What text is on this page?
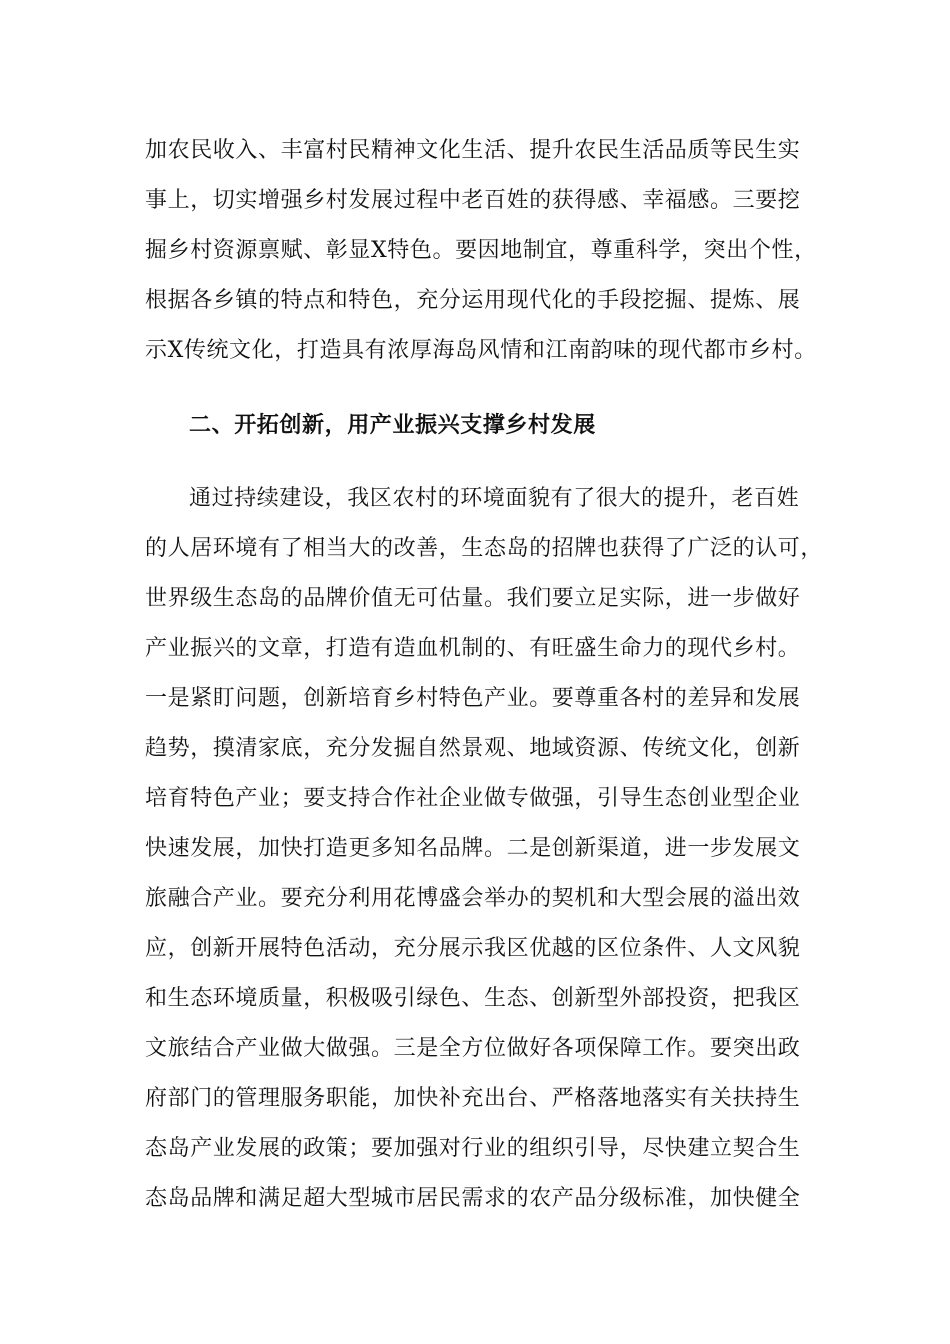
加农民收入、丰富村民精神文化生活、提升农民生活品质等民生实
事上，切实增强乡村发展过程中老百姓的获得感、幸福感。三要挖
掘乡村资源禀赋、彰显X特色。要因地制宜，尊重科学，突出个性，
根据各乡镇的特点和特色，充分运用现代化的手段挖掘、提炼、展
示X传统文化，打造具有浓厚海岛风情和江南韵味的现代都市乡村。
二、开拓创新，用产业振兴支撑乡村发展
通过持续建设，我区农村的环境面貌有了很大的提升，老百姓
的人居环境有了相当大的改善，生态岛的招牌也获得了广泛的认可，
世界级生态岛的品牌价值无可估量。我们要立足实际，进一步做好
产业振兴的文章，打造有造血机制的、有旺盛生命力的现代乡村。
一是紧盯问题，创新培育乡村特色产业。要尊重各村的差异和发展
趋势，摸清家底，充分发掘自然景观、地域资源、传统文化，创新
培育特色产业；要支持合作社企业做专做强，引导生态创业型企业
快速发展，加快打造更多知名品牌。二是创新渠道，进一步发展文
旅融合产业。要充分利用花博盛会举办的契机和大型会展的溢出效
应，创新开展特色活动，充分展示我区优越的区位条件、人文风貌
和生态环境质量，积极吸引绿色、生态、创新型外部投资，把我区
文旅结合产业做大做强。三是全方位做好各项保障工作。要突出政
府部门的管理服务职能，加快补充出台、严格落地落实有关扶持生
态岛产业发展的政策；要加强对行业的组织引导，尽快建立契合生
态岛品牌和满足超大型城市居民需求的农产品分级标准，加快健全
